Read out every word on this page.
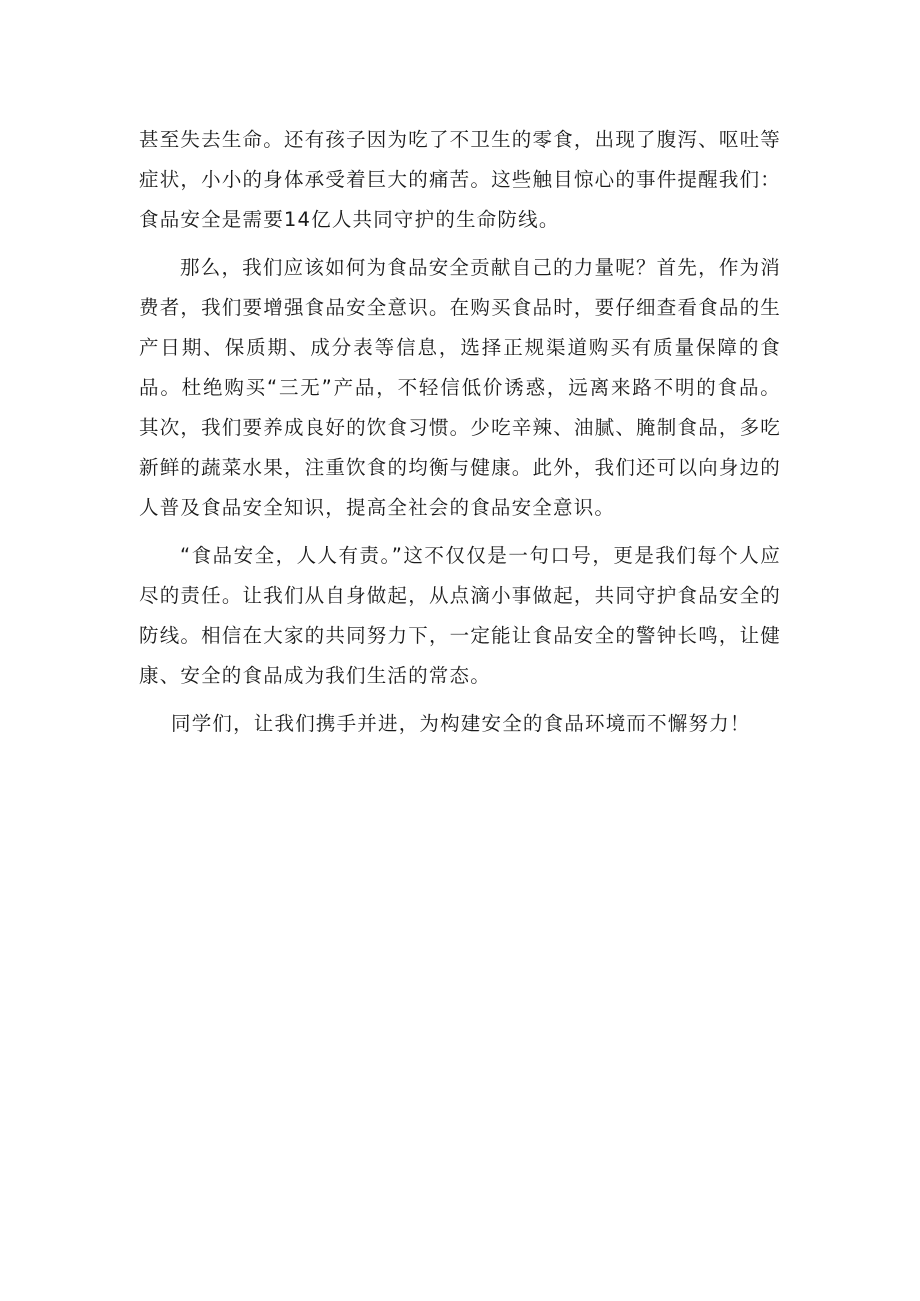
甚至失去生命。还有孩子因为吃了不卫生的零食，出现了腹泻、呕吐等症状，小小的身体承受着巨大的痛苦。这些触目惊心的事件提醒我们：食品安全是需要14亿人共同守护的生命防线。

那么，我们应该如何为食品安全贡献自己的力量呢？首先，作为消费者，我们要增强食品安全意识。在购买食品时，要仔细查看食品的生产日期、保质期、成分表等信息，选择正规渠道购买有质量保障的食品。杜绝购买“三无”产品，不轻信低价诱惑，远离来路不明的食品。其次，我们要养成良好的饮食习惯。少吃辛辣、油腻、腌制食品，多吃新鲜的蔬菜水果，注重饮食的均衡与健康。此外，我们还可以向身边的人普及食品安全知识，提高全社会的食品安全意识。

“食品安全，人人有责。”这不仅仅是一句口号，更是我们每个人应尽的责任。让我们从自身做起，从点滴小事做起，共同守护食品安全的防线。相信在大家的共同努力下，一定能让食品安全的警钟长鸣，让健康、安全的食品成为我们生活的常态。

同学们，让我们携手并进，为构建安全的食品环境而不懈努力！
